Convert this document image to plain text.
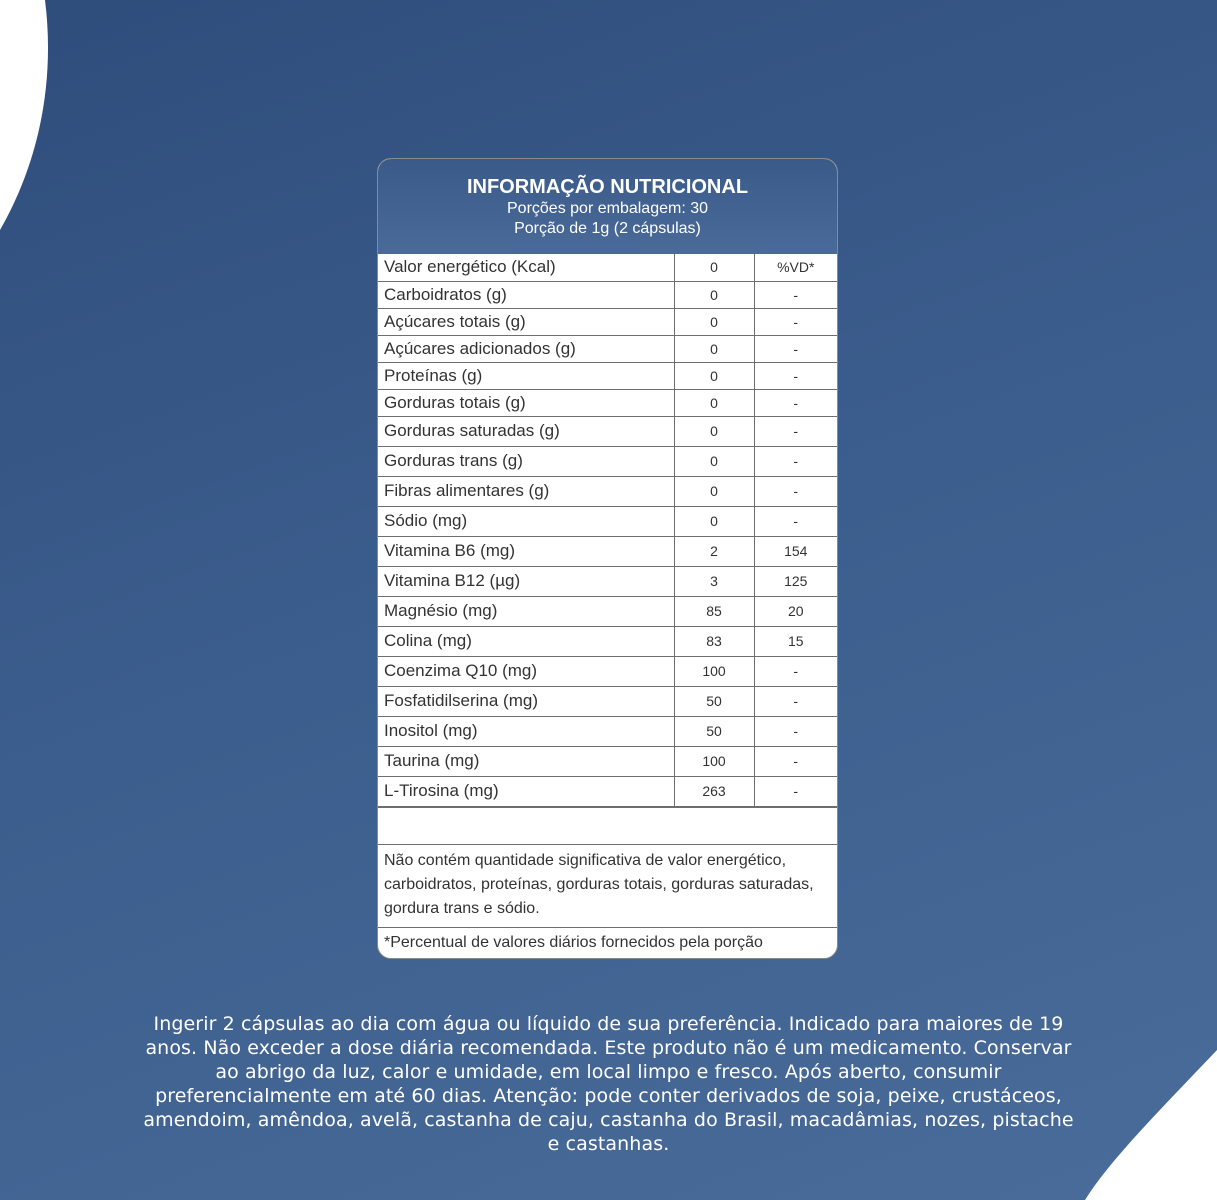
INFORMAÇÃO NUTRICIONAL
Porções por embalagem: 30
Porção de 1g (2 cápsulas)
Valor energético (Kcal)	0	%VD*
Carboidratos (g)	0	-
Açúcares totais (g)	0	-
Açúcares adicionados (g)	0	-
Proteínas (g)	0	-
Gorduras totais (g)	0	-
Gorduras saturadas (g)	0	-
Gorduras trans (g)	0	-
Fibras alimentares (g)	0	-
Sódio (mg)	0	-
Vitamina B6 (mg)	2	154
Vitamina B12 (µg)	3	125
Magnésio (mg)	85	20
Colina (mg)	83	15
Coenzima Q10 (mg)	100	-
Fosfatidilserina (mg)	50	-
Inositol (mg)	50	-
Taurina (mg)	100	-
L-Tirosina (mg)	263	-
Não contém quantidade significativa de valor energético, carboidratos, proteínas, gorduras totais, gorduras saturadas, gordura trans e sódio.
*Percentual de valores diários fornecidos pela porção
Ingerir 2 cápsulas ao dia com água ou líquido de sua preferência. Indicado para maiores de 19 anos. Não exceder a dose diária recomendada. Este produto não é um medicamento. Conservar ao abrigo da luz, calor e umidade, em local limpo e fresco. Após aberto, consumir preferencialmente em até 60 dias. Atenção: pode conter derivados de soja, peixe, crustáceos, amendoim, amêndoa, avelã, castanha de caju, castanha do Brasil, macadâmias, nozes, pistache e castanhas.
